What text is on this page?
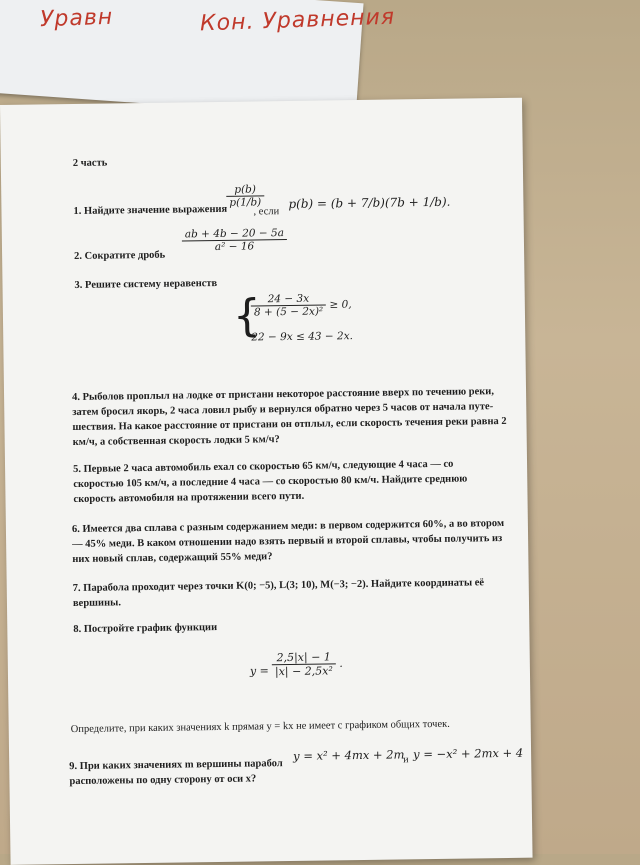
Уравн	Кон. Уравнения
2 часть
1. Найдите значение выражения
$\frac{p(b)}{p(1/b)}$
, если
p(b) = (b + 7/b)(7b + 1/b).
2. Сократите дробь
$\frac{ab + 4b - 20 - 5a}{\text{a² − 16}}$
3. Решите систему неравенств
{
$\frac{24 - 3x}{\text{8 + (5 − 2x)²}} \ge 0$,
22 − 9x ≤ 43 − 2x.
4. Рыболов проплыл на лодке от пристани некоторое расстояние вверх по течению реки,
затем бросил якорь, 2 часа ловил рыбу и вернулся обратно через 5 часов от начала путе-
шествия. На какое расстояние от пристани он отплыл, если скорость течения реки равна 2
км/ч, а собственная скорость лодки 5 км/ч?
5. Первые 2 часа автомобиль ехал со скоростью 65 км/ч, следующие 4 часа — со
скоростью 105 км/ч, а последние 4 часа — со скоростью 80 км/ч. Найдите среднюю
скорость автомобиля на протяжении всего пути.
6. Имеется два сплава с разным содержанием меди: в первом содержится 60%, а во втором
— 45% меди. В каком отношении надо взять первый и второй сплавы, чтобы получить из
них новый сплав, содержащий 55% меди?
7. Парабола проходит через точки K(0; −5), L(3; 10), M(−3; −2). Найдите координаты её
вершины.
8. Постройте график функции
$y = \frac{2,5|x| - 1}{\text{|x| − 2,5x²}}$ .
Определите, при каких значениях k прямая y = kx не имеет с графиком общих точек.
9. При каких значениях m вершины парабол
y = x² + 4mx + 2m
и y = −x² + 2mx + 4
расположены по одну сторону от оси x?
